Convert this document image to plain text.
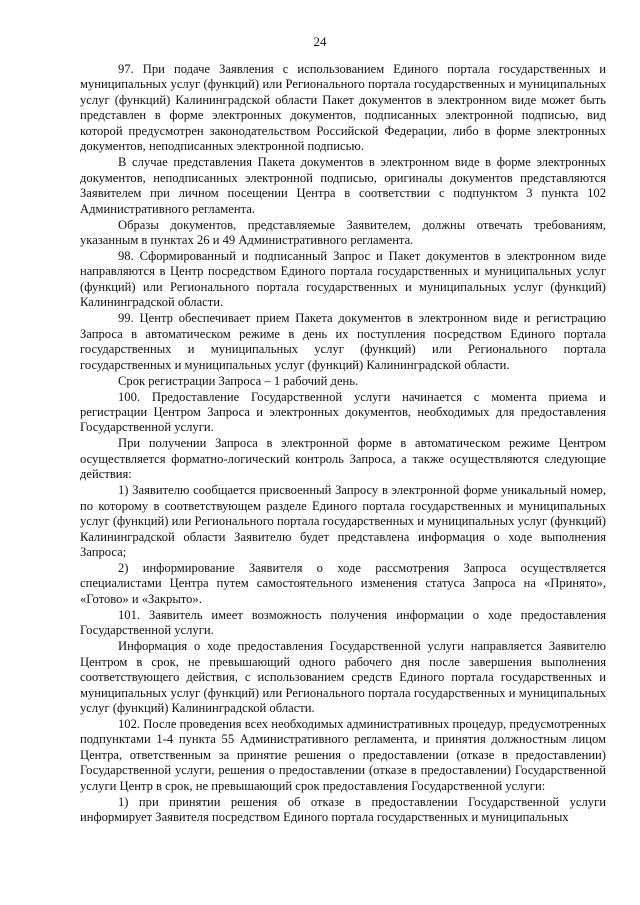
24

97. При подаче Заявления с использованием Единого портала государственных и муниципальных услуг (функций) или Регионального портала государственных и муниципальных услуг (функций) Калининградской области Пакет документов в электронном виде может быть представлен в форме электронных документов, подписанных электронной подписью, вид которой предусмотрен законодательством Российской Федерации, либо в форме электронных документов, неподписанных электронной подписью.

В случае представления Пакета документов в электронном виде в форме электронных документов, неподписанных электронной подписью, оригиналы документов представляются Заявителем при личном посещении Центра в соответствии с подпунктом 3 пункта 102 Административного регламента.

Образы документов, представляемые Заявителем, должны отвечать требованиям, указанным в пунктах 26 и 49 Административного регламента.

98. Сформированный и подписанный Запрос и Пакет документов в электронном виде направляются в Центр посредством Единого портала государственных и муниципальных услуг (функций) или Регионального портала государственных и муниципальных услуг (функций) Калининградской области.

99. Центр обеспечивает прием Пакета документов в электронном виде и регистрацию Запроса в автоматическом режиме в день их поступления посредством Единого портала государственных и муниципальных услуг (функций) или Регионального портала государственных и муниципальных услуг (функций) Калининградской области.

Срок регистрации Запроса – 1 рабочий день.

100. Предоставление Государственной услуги начинается с момента приема и регистрации Центром Запроса и электронных документов, необходимых для предоставления Государственной услуги.

При получении Запроса в электронной форме в автоматическом режиме Центром осуществляется форматно-логический контроль Запроса, а также осуществляются следующие действия:

1) Заявителю сообщается присвоенный Запросу в электронной форме уникальный номер, по которому в соответствующем разделе Единого портала государственных и муниципальных услуг (функций) или Регионального портала государственных и муниципальных услуг (функций) Калининградской области Заявителю будет представлена информация о ходе выполнения Запроса;

2) информирование Заявителя о ходе рассмотрения Запроса осуществляется специалистами Центра путем самостоятельного изменения статуса Запроса на «Принято», «Готово» и «Закрыто».

101. Заявитель имеет возможность получения информации о ходе предоставления Государственной услуги.

Информация о ходе предоставления Государственной услуги направляется Заявителю Центром в срок, не превышающий одного рабочего дня после завершения выполнения соответствующего действия, с использованием средств Единого портала государственных и муниципальных услуг (функций) или Регионального портала государственных и муниципальных услуг (функций) Калининградской области.

102. После проведения всех необходимых административных процедур, предусмотренных подпунктами 1-4 пункта 55 Административного регламента, и принятия должностным лицом Центра, ответственным за принятие решения о предоставлении (отказе в предоставлении) Государственной услуги, решения о предоставлении (отказе в предоставлении) Государственной услуги Центр в срок, не превышающий срок предоставления Государственной услуги:

1) при принятии решения об отказе в предоставлении Государственной услуги информирует Заявителя посредством Единого портала государственных и муниципальных
